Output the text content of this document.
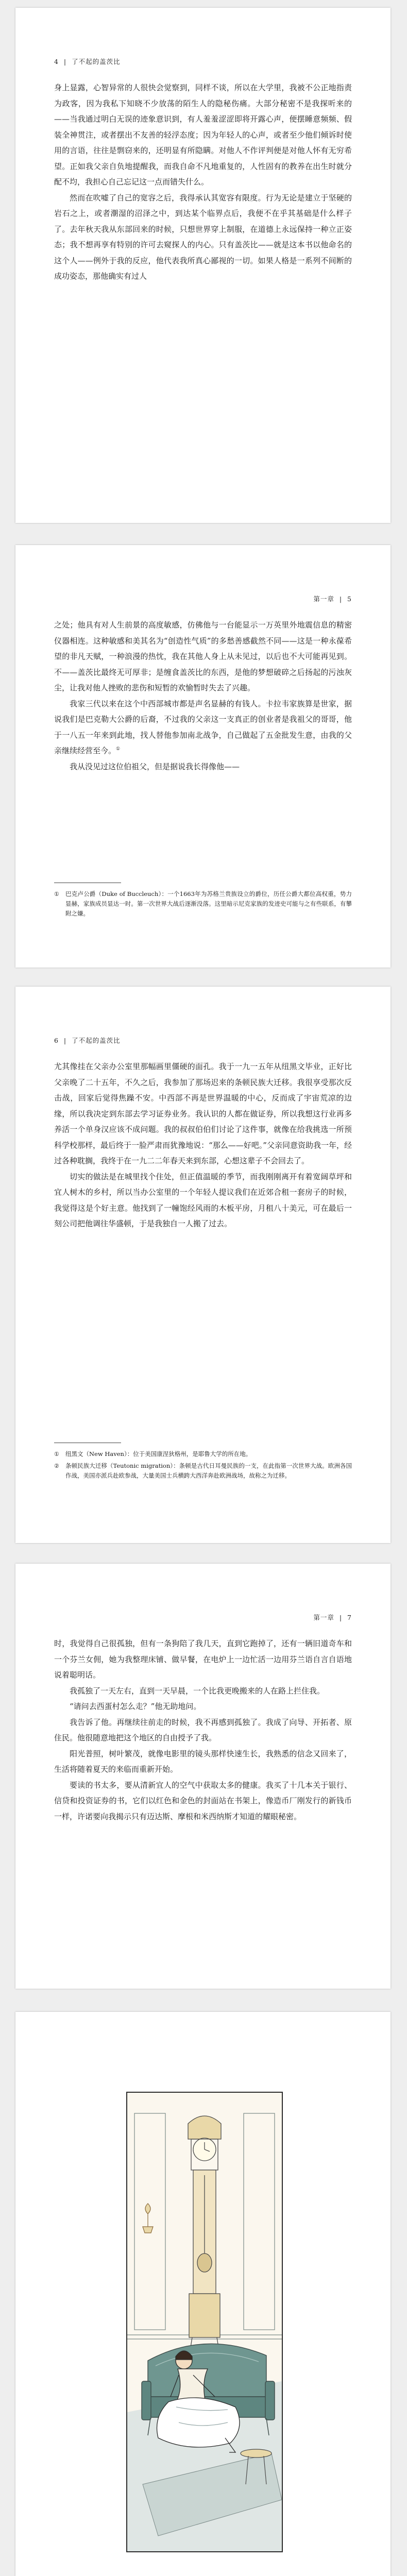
4 | 了不起的盖茨比

身上显露，心智异常的人很快会觉察到，同样不谈，所以在大学里，我被不公正地指责为政客，因为我私下知晓不少放荡的陌生人的隐秘伤痛。大部分秘密不是我探听来的——当我通过明白无误的迹象意识到，有人羞羞涩涩即将开露心声，便摆睡意频频、假装全神贯注，或者摆出不友善的轻浮态度；因为年轻人的心声，或者至少他们倾诉时使用的言语，往往是剽窃来的，还明显有所隐瞒。对他人不作评判便是对他人怀有无穷希望。正如我父亲自负地提醒我，而我自命不凡地重复的，人性固有的教养在出生时就分配不均，我担心自己忘记这一点而错失什么。

然而在吹嘘了自己的宽容之后，我得承认其宽容有限度。行为无论是建立于坚硬的岩石之上，或者潮湿的沼泽之中，到达某个临界点后，我便不在乎其基础是什么样子了。去年秋天我从东部回来的时候，只想世界穿上制服，在道德上永远保持一种立正姿态；我不想再享有特别的许可去窥探人的内心。只有盖茨比——就是这本书以他命名的这个人——例外于我的反应，他代表我所真心鄙视的一切。如果人格是一系列不间断的成功姿态，那他确实有过人

第一章 | 5

之处；他具有对人生前景的高度敏感，仿佛他与一台能显示一万英里外地震信息的精密仪器相连。这种敏感和美其名为“创造性气质”的多愁善感截然不同——这是一种永葆希望的非凡天赋，一种浪漫的热忱，我在其他人身上从未见过，以后也不大可能再见到。不——盖茨比最终无可厚非；是缠食盖茨比的东西，是他的梦想破碎之后扬起的污浊灰尘，让我对他人挫败的悲伤和短暂的欢愉暂时失去了兴趣。

我家三代以来在这个中西部城市都是声名显赫的有钱人。卡拉韦家族算是世家，据说我们是巴克勒大公爵的后裔，不过我的父亲这一支真正的创业者是我祖父的哥哥，他于一八五一年来到此地，找人替他参加南北战争，自己做起了五金批发生意，由我的父亲继续经营至今。①

我从没见过这位伯祖父，但是据说我长得像他——

①	巴克卢公爵（Duke of Buccleuch）：一个1663年为苏格兰贵族设立的爵位，历任公爵大都位高权重，势力显赫，家族成员显达一时。第一次世界大战后逐渐没落。这里暗示尼克家族的发迹史可能与之有些联系，有攀附之嫌。
6 | 了不起的盖茨比

尤其像挂在父亲办公室里那幅画里僵硬的面孔。我于一九一五年从纽黑文毕业，正好比父亲晚了二十五年，不久之后，我参加了那场迟来的条顿民族大迁移。我很享受那次反击战，回家后觉得焦躁不安。中西部不再是世界温暖的中心，反而成了宇宙荒凉的边缘，所以我决定到东部去学习证券业务。我认识的人都在做证券，所以我想这行业再多养活一个单身汉应该不成问题。我的叔叔伯伯们讨论了这件事，就像在给我挑选一所预科学校那样，最后终于一脸严肃而犹豫地说：“那么——好吧。”父亲同意资助我一年，经过各种耽搁，我终于在一九二二年春天来到东部，心想这辈子不会回去了。

切实的做法是在城里找个住处，但正值温暖的季节，而我刚刚离开有着宽阔草坪和宜人树木的乡村，所以当办公室里的一个年轻人提议我们在近郊合租一套房子的时候，我觉得这是个好主意。他找到了一幢饱经风雨的木板平房，月租八十美元，可在最后一刻公司把他调往华盛顿，于是我独自一人搬了过去。

①	纽黑文（New Haven）：位于美国康涅狄格州，是耶鲁大学的所在地。
②	条顿民族大迁移（Teutonic migration）：条顿是古代日耳曼民族的一支，在此指第一次世界大战。欧洲各国作战，美国亦派兵赴欧参战，大量美国士兵横跨大西洋奔赴欧洲战场，故称之为迁移。
第一章 | 7

时，我觉得自己很孤独，但有一条狗陪了我几天，直到它跑掉了，还有一辆旧道奇车和一个芬兰女佣，她为我整理床铺、做早餐，在电炉上一边忙活一边用芬兰语自言自语地说着聪明话。

我孤独了一天左右，直到一天早晨，一个比我更晚搬来的人在路上拦住我。

“请问去西蛋村怎么走？”他无助地问。

我告诉了他。再继续往前走的时候，我不再感到孤独了。我成了向导、开拓者、原住民。他很随意地把这个地区的自由授予了我。

阳光普照，树叶繁茂，就像电影里的镜头那样快速生长，我熟悉的信念又回来了，生活将随着夏天的来临而重新开始。

要读的书太多，要从清新宜人的空气中获取太多的健康。我买了十几本关于银行、信贷和投资证券的书，它们以红色和金色的封面站在书架上，像造币厂刚发行的新钱币一样，许诺要向我揭示只有迈达斯、摩根和米西纳斯才知道的耀眼秘密。
